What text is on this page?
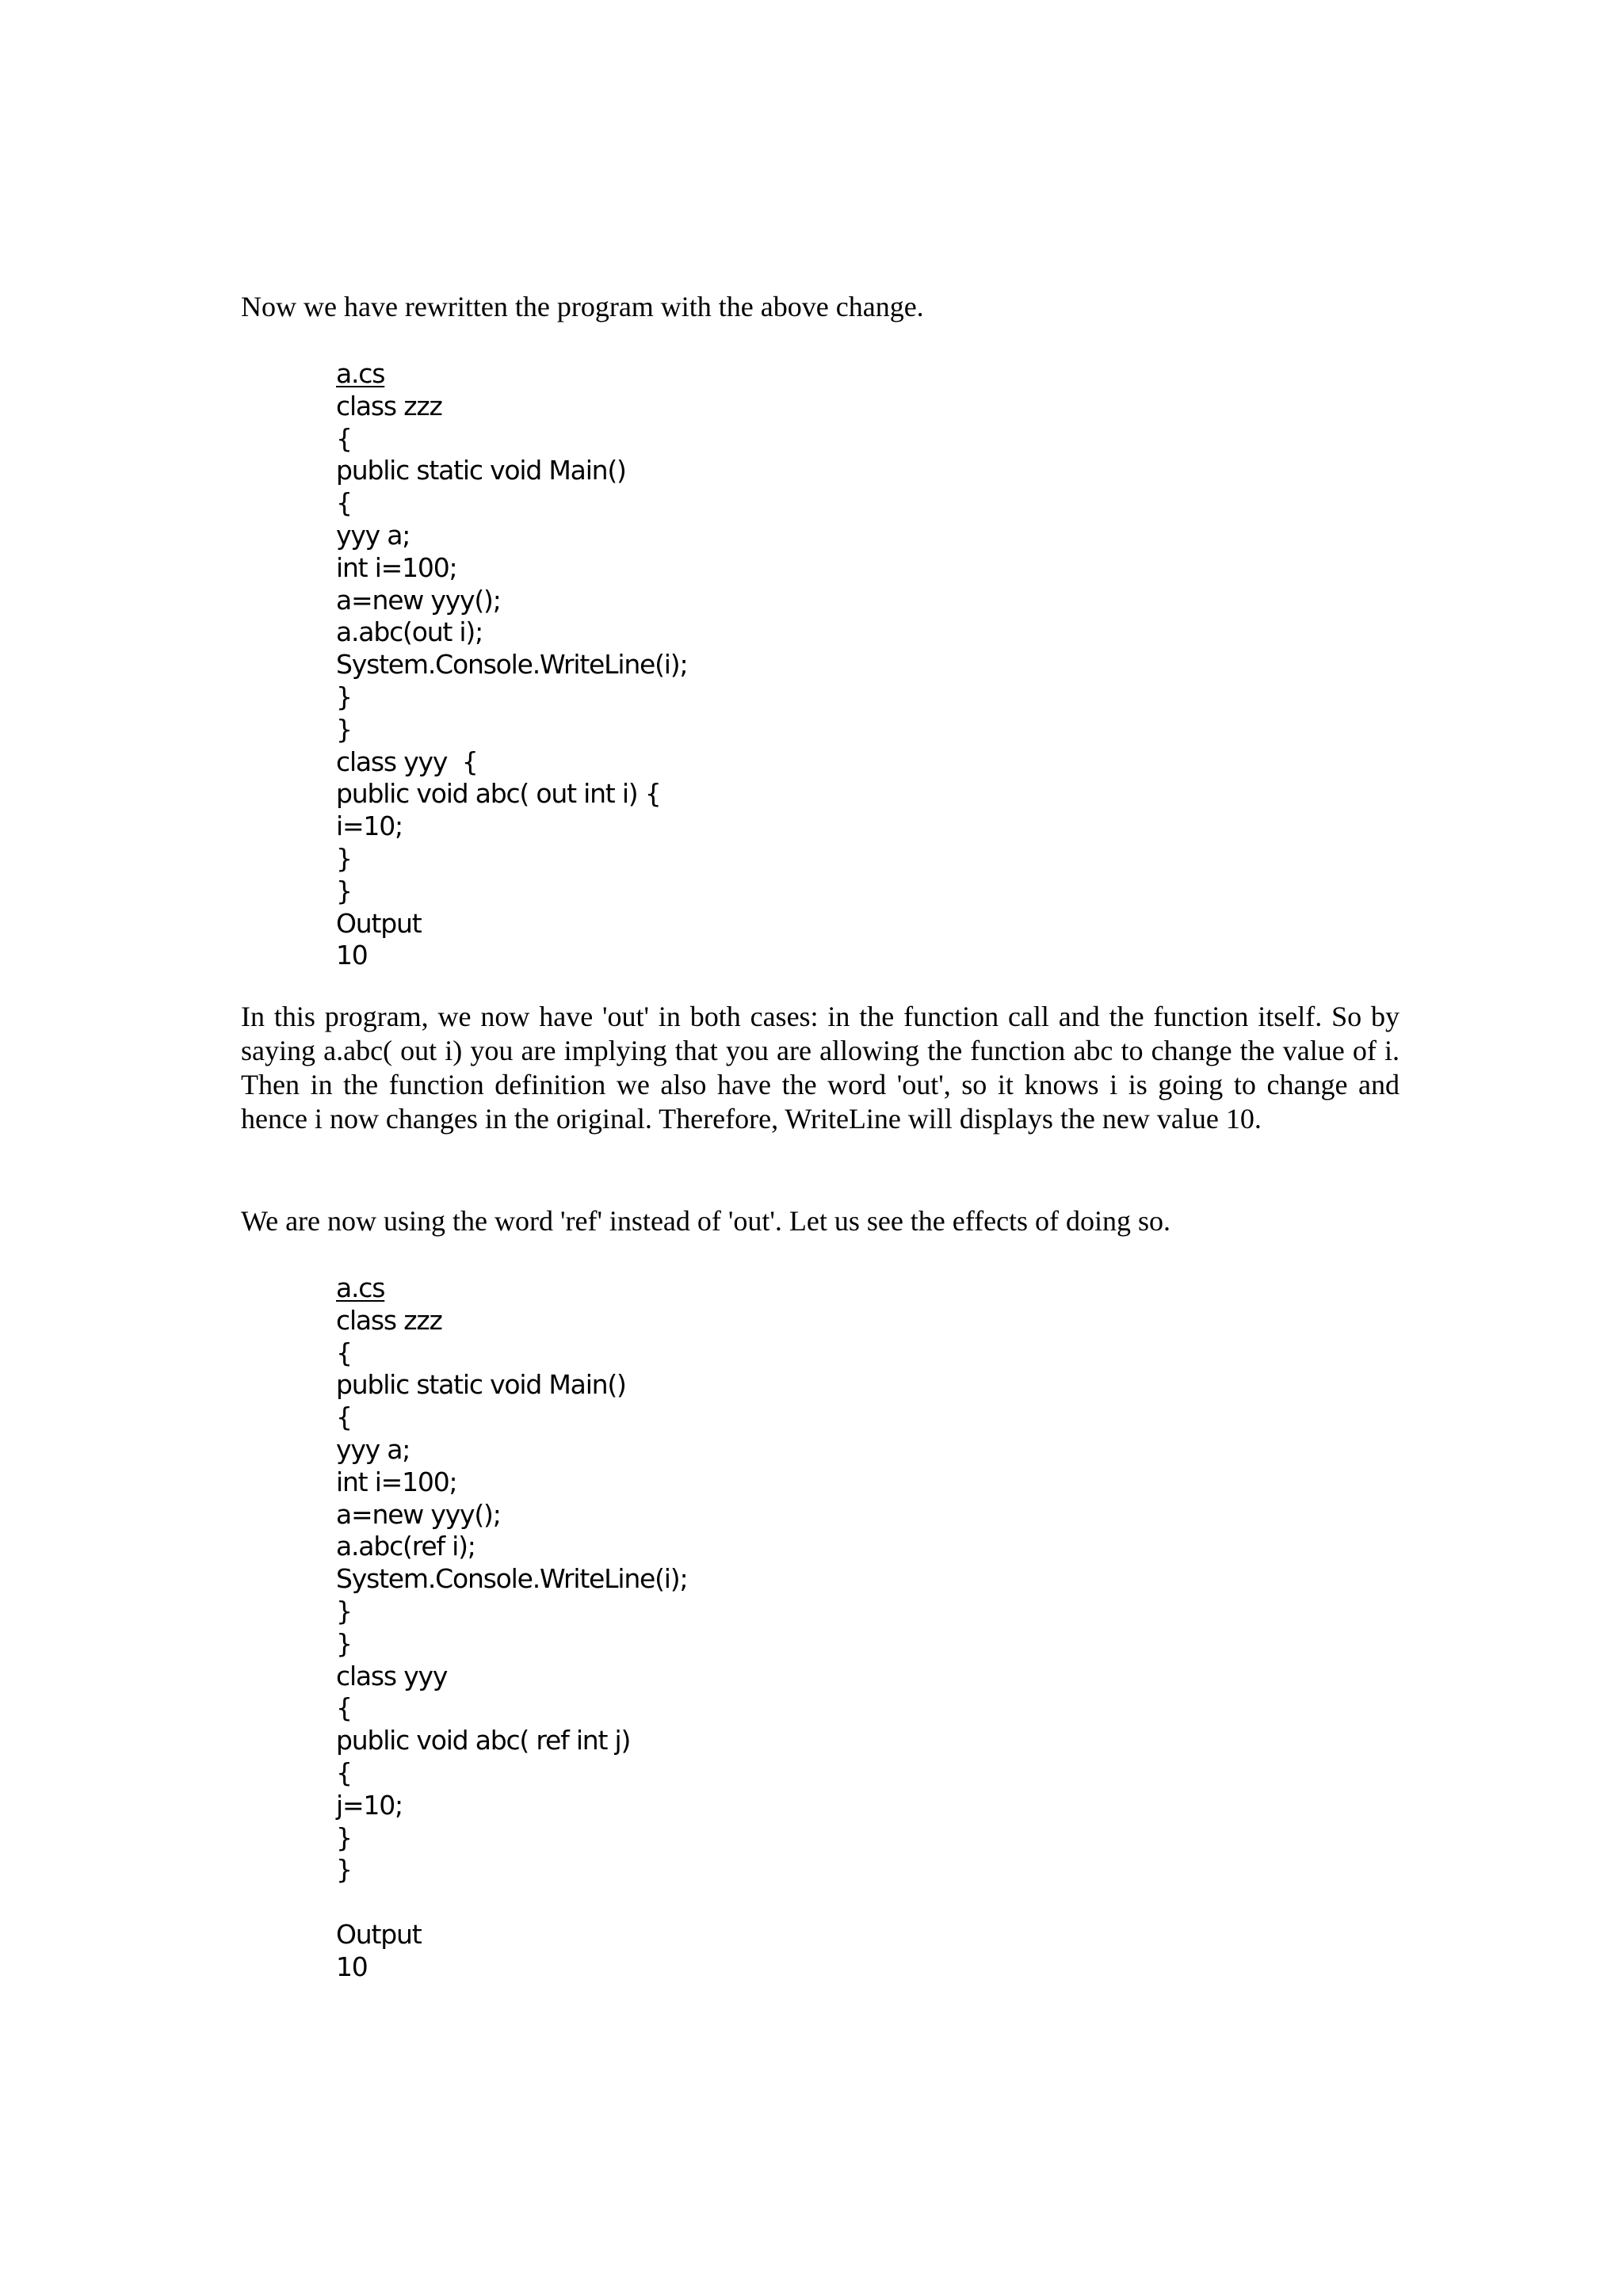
Now we have rewritten the program with the above change.

a.cs
class zzz
{
public static void Main()
{
yyy a;
int i=100;
a=new yyy();
a.abc(out i);
System.Console.WriteLine(i);
}
}
class yyy  {
public void abc( out int i) {
i=10;
}
}
Output
10

In this program, we now have 'out' in both cases: in the function call and the function itself. So by saying a.abc( out i) you are implying that you are allowing the function abc to change the value of i. Then in the function definition we also have the word 'out', so it knows i is going to change and hence i now changes in the original. Therefore, WriteLine will displays the new value 10.

We are now using the word 'ref' instead of 'out'. Let us see the effects of doing so.

a.cs
class zzz
{
public static void Main()
{
yyy a;
int i=100;
a=new yyy();
a.abc(ref i);
System.Console.WriteLine(i);
}
}
class yyy
{
public void abc( ref int j)
{
j=10;
}
}
Output
10
